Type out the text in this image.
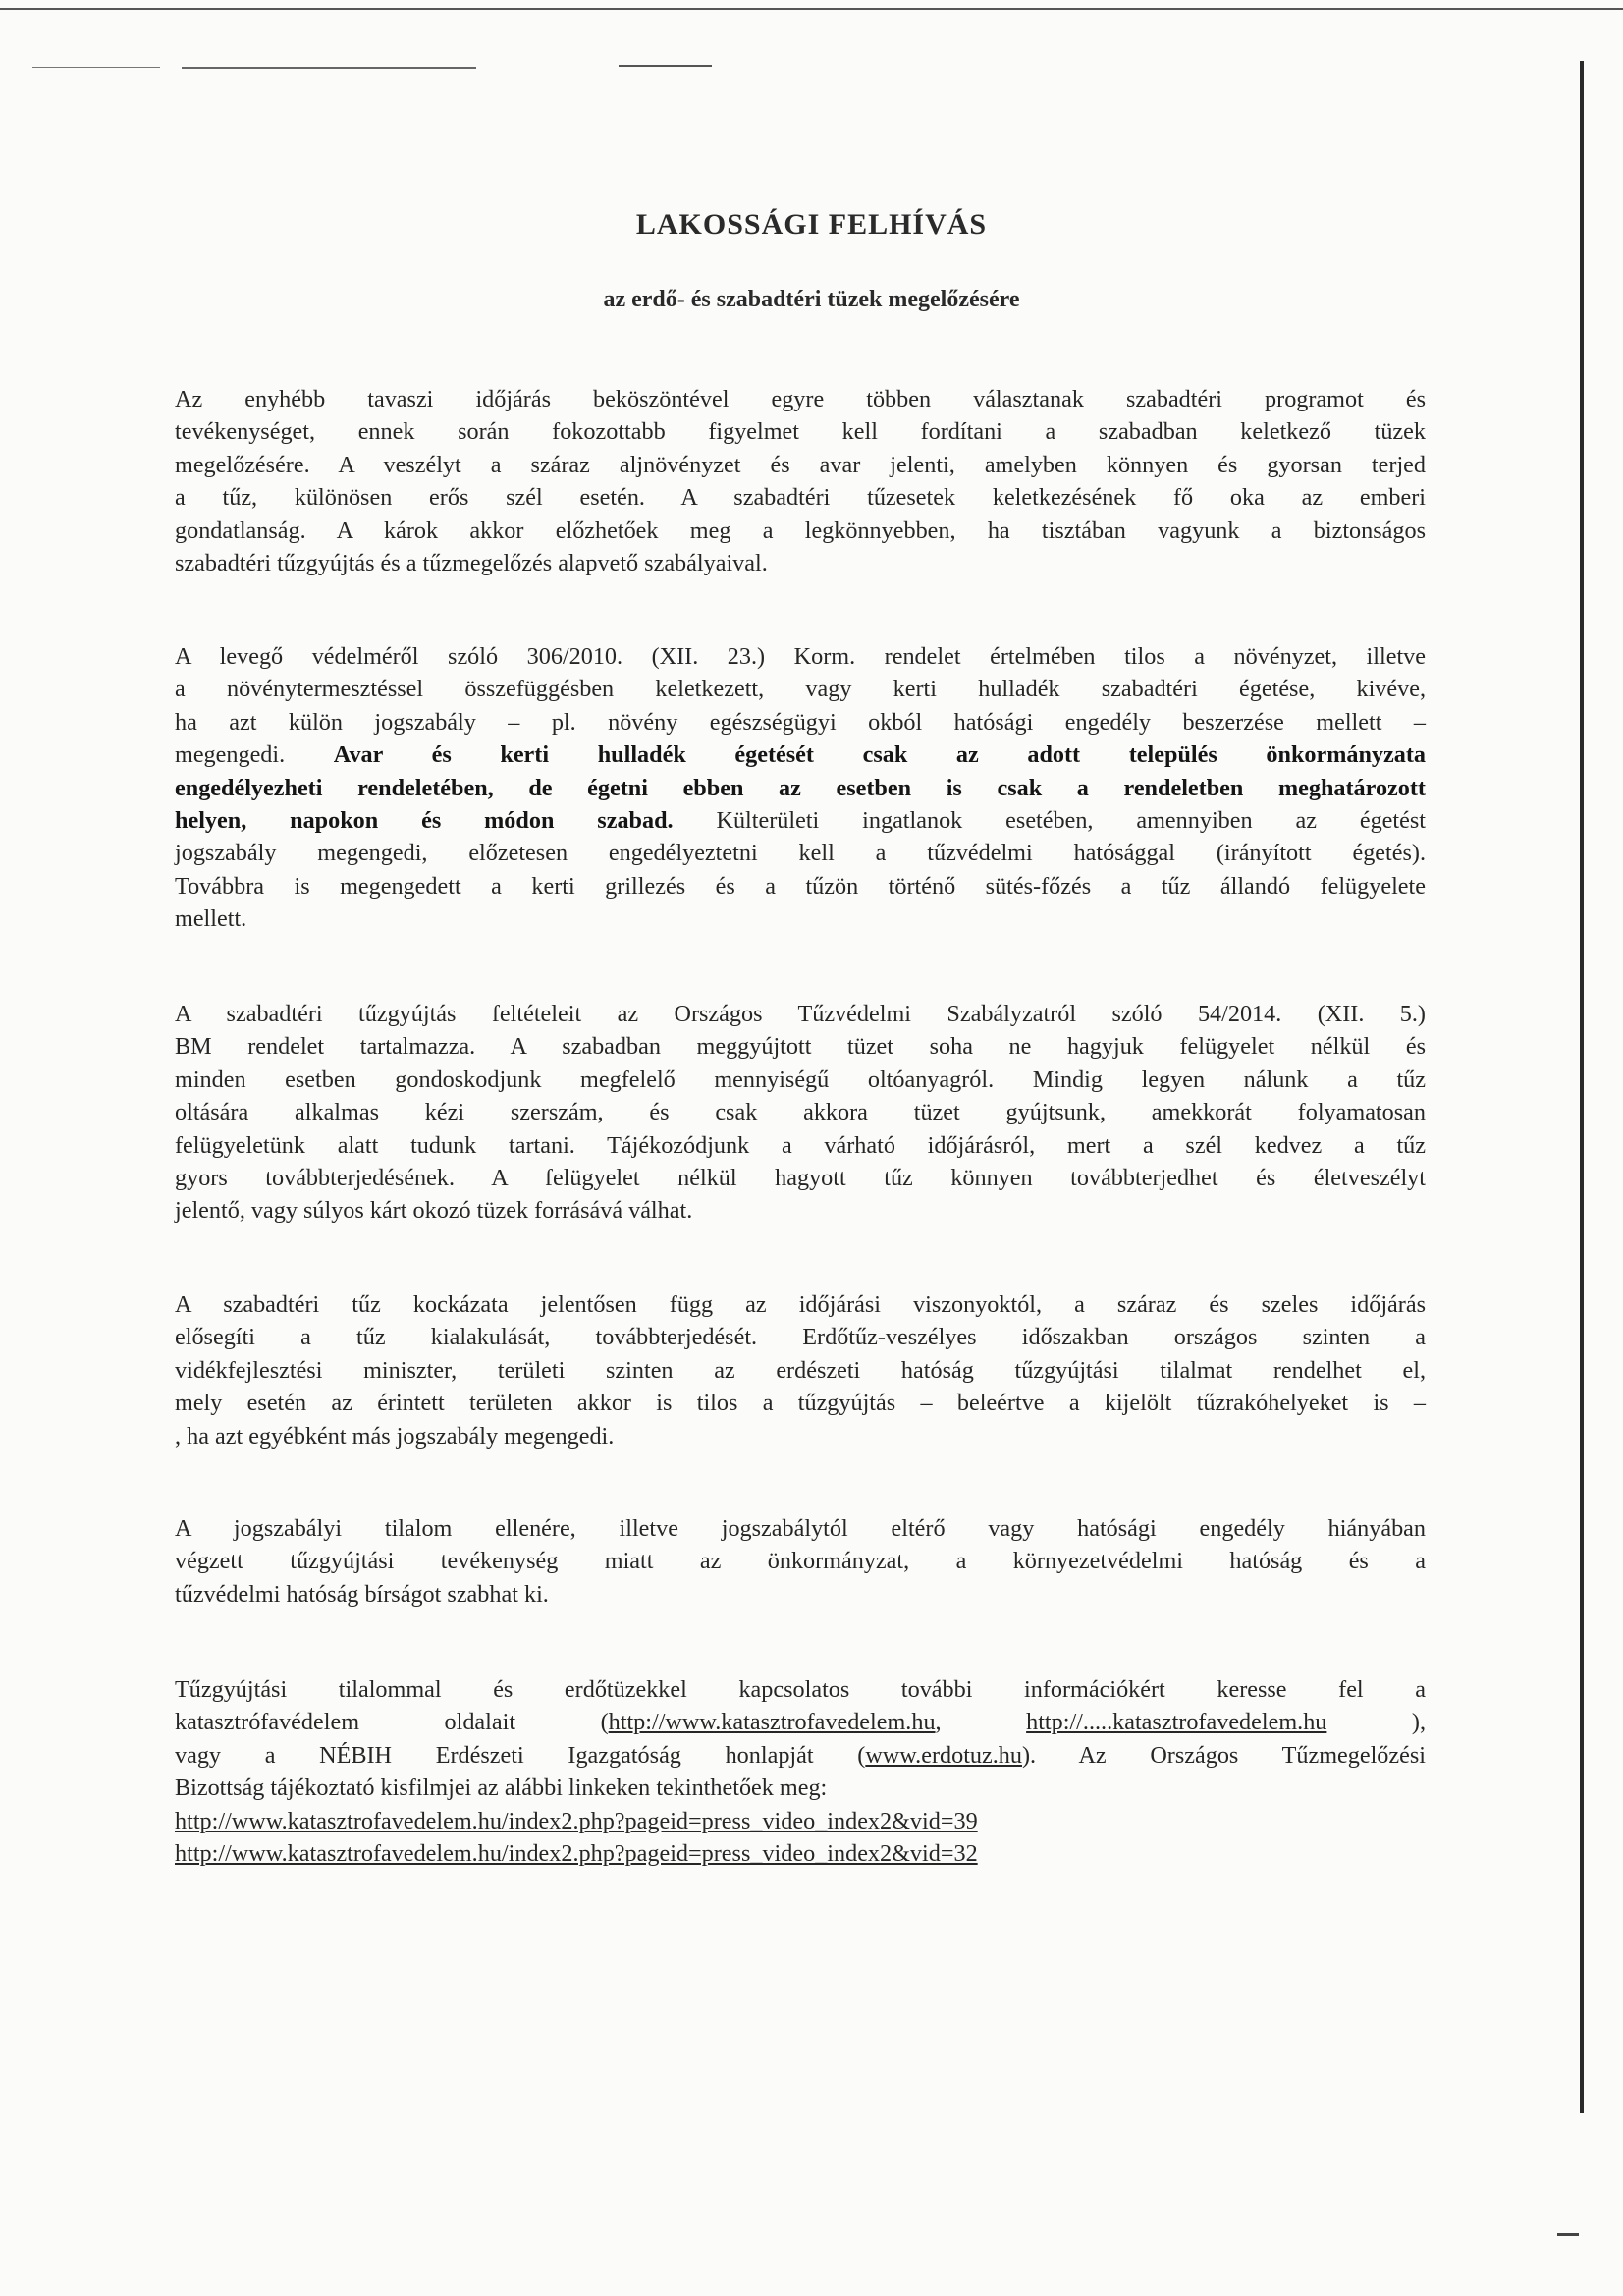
LAKOSSÁGI FELHÍVÁS
az erdő- és szabadtéri tüzek megelőzésére
Az enyhébb tavaszi időjárás beköszöntével egyre többen választanak szabadtéri programot és
tevékenységet, ennek során fokozottabb figyelmet kell fordítani a szabadban keletkező tüzek
megelőzésére. A veszélyt a száraz aljnövényzet és avar jelenti, amelyben könnyen és gyorsan terjed
a tűz, különösen erős szél esetén. A szabadtéri tűzesetek keletkezésének fő oka az emberi
gondatlanság. A károk akkor előzhetőek meg a legkönnyebben, ha tisztában vagyunk a biztonságos
szabadtéri tűzgyújtás és a tűzmegelőzés alapvető szabályaival.
A levegő védelméről szóló 306/2010. (XII. 23.) Korm. rendelet értelmében tilos a növényzet, illetve
a növénytermesztéssel összefüggésben keletkezett, vagy kerti hulladék szabadtéri égetése, kivéve,
ha azt külön jogszabály – pl. növény egészségügyi okból hatósági engedély beszerzése mellett –
megengedi. Avar és kerti hulladék égetését csak az adott település önkormányzata
engedélyezheti rendeletében, de égetni ebben az esetben is csak a rendeletben meghatározott
helyen, napokon és módon szabad. Külterületi ingatlanok esetében, amennyiben az égetést
jogszabály megengedi, előzetesen engedélyeztetni kell a tűzvédelmi hatósággal (irányított égetés).
Továbbra is megengedett a kerti grillezés és a tűzön történő sütés-főzés a tűz állandó felügyelete
mellett.
A szabadtéri tűzgyújtás feltételeit az Országos Tűzvédelmi Szabályzatról szóló 54/2014. (XII. 5.)
BM rendelet tartalmazza. A szabadban meggyújtott tüzet soha ne hagyjuk felügyelet nélkül és
minden esetben gondoskodjunk megfelelő mennyiségű oltóanyagról. Mindig legyen nálunk a tűz
oltására alkalmas kézi szerszám, és csak akkora tüzet gyújtsunk, amekkorát folyamatosan
felügyeletünk alatt tudunk tartani. Tájékozódjunk a várható időjárásról, mert a szél kedvez a tűz
gyors továbbterjedésének. A felügyelet nélkül hagyott tűz könnyen továbbterjedhet és életveszélyt
jelentő, vagy súlyos kárt okozó tüzek forrásává válhat.
A szabadtéri tűz kockázata jelentősen függ az időjárási viszonyoktól, a száraz és szeles időjárás
elősegíti a tűz kialakulását, továbbterjedését. Erdőtűz-veszélyes időszakban országos szinten a
vidékfejlesztési miniszter, területi szinten az erdészeti hatóság tűzgyújtási tilalmat rendelhet el,
mely esetén az érintett területen akkor is tilos a tűzgyújtás – beleértve a kijelölt tűzrakóhelyeket is –
, ha azt egyébként más jogszabály megengedi.
A jogszabályi tilalom ellenére, illetve jogszabálytól eltérő vagy hatósági engedély hiányában
végzett tűzgyújtási tevékenység miatt az önkormányzat, a környezetvédelmi hatóság és a
tűzvédelmi hatóság bírságot szabhat ki.
Tűzgyújtási tilalommal és erdőtüzekkel kapcsolatos további információkért keresse fel a
katasztrófavédelem oldalait (http://www.katasztrofavedelem.hu, http://.....katasztrofavedelem.hu ),
vagy a NÉBIH Erdészeti Igazgatóság honlapját (www.erdotuz.hu). Az Országos Tűzmegelőzési
Bizottság tájékoztató kisfilmjei az alábbi linkeken tekinthetőek meg:
http://www.katasztrofavedelem.hu/index2.php?pageid=press_video_index2&vid=39
http://www.katasztrofavedelem.hu/index2.php?pageid=press_video_index2&vid=32
